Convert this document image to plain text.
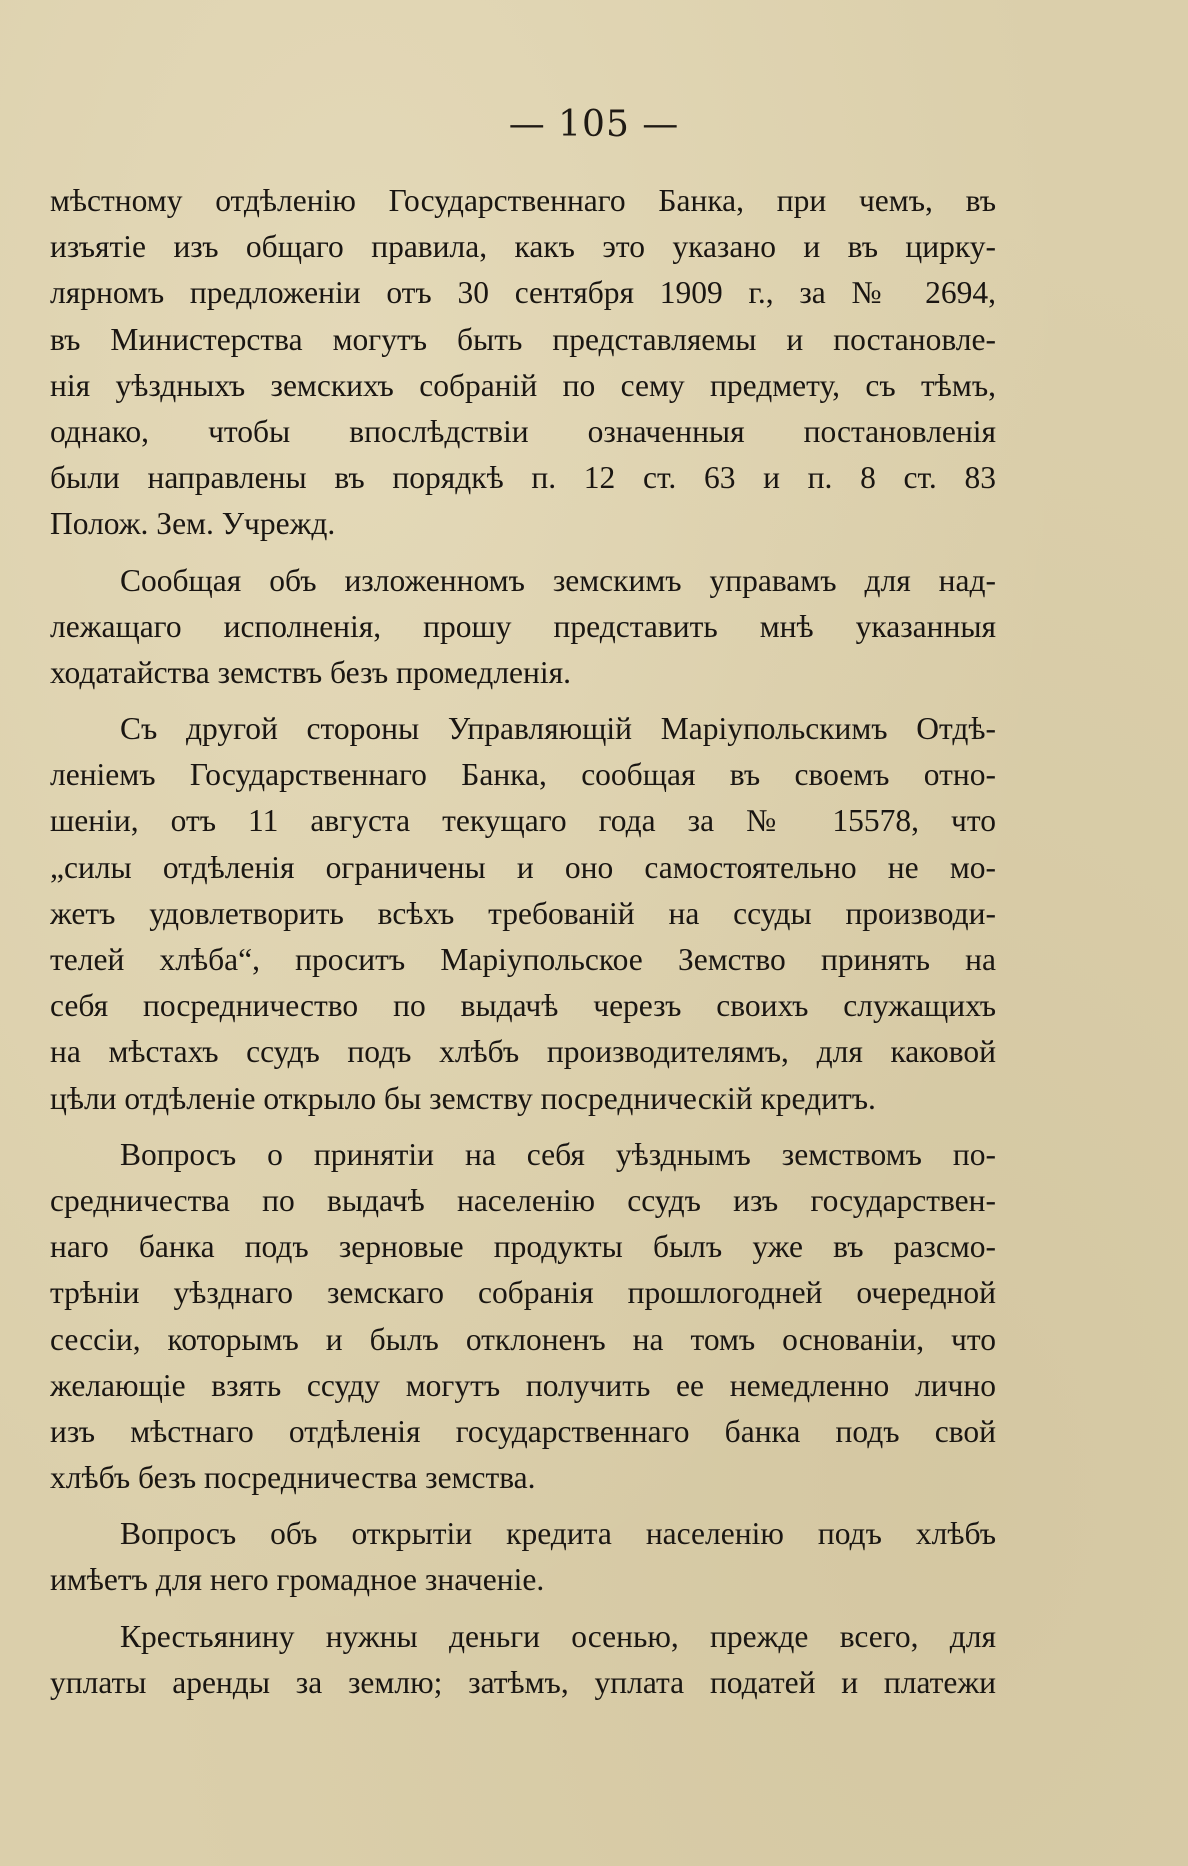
— 105 —
мѣстному отдѣленію Государственнаго Банка, при чемъ, въ
изъятіе изъ общаго правила, какъ это указано и въ цирку-
лярномъ предложеніи отъ 30 сентября 1909 г., за № 2694,
въ Министерства могутъ быть представляемы и постановле-
нія уѣздныхъ земскихъ собраній по сему предмету, съ тѣмъ,
однако, чтобы впослѣдствіи означенныя постановленія
были направлены въ порядкѣ п. 12 ст. 63 и п. 8 ст. 83
Полож. Зем. Учрежд.
Сообщая объ изложенномъ земскимъ управамъ для над-
лежащаго исполненія, прошу представить мнѣ указанныя
ходатайства земствъ безъ промедленія.
Съ другой стороны Управляющій Маріупольскимъ Отдѣ-
леніемъ Государственнаго Банка, сообщая въ своемъ отно-
шеніи, отъ 11 августа текущаго года за № 15578, что
„силы отдѣленія ограничены и оно самостоятельно не мо-
жетъ удовлетворить всѣхъ требованій на ссуды производи-
телей хлѣба“, проситъ Маріупольское Земство принять на
себя посредничество по выдачѣ черезъ своихъ служащихъ
на мѣстахъ ссудъ подъ хлѣбъ производителямъ, для каковой
цѣли отдѣленіе открыло бы земству посредническій кредитъ.
Вопросъ о принятіи на себя уѣзднымъ земствомъ по-
средничества по выдачѣ населенію ссудъ изъ государствен-
наго банка подъ зерновые продукты былъ уже въ разсмо-
трѣніи уѣзднаго земскаго собранія прошлогодней очередной
сессіи, которымъ и былъ отклоненъ на томъ основаніи, что
желающіе взять ссуду могутъ получить ее немедленно лично
изъ мѣстнаго отдѣленія государственнаго банка подъ свой
хлѣбъ безъ посредничества земства.
Вопросъ объ открытіи кредита населенію подъ хлѣбъ
имѣетъ для него громадное значеніе.
Крестьянину нужны деньги осенью, прежде всего, для
уплаты аренды за землю; затѣмъ, уплата податей и платежи
